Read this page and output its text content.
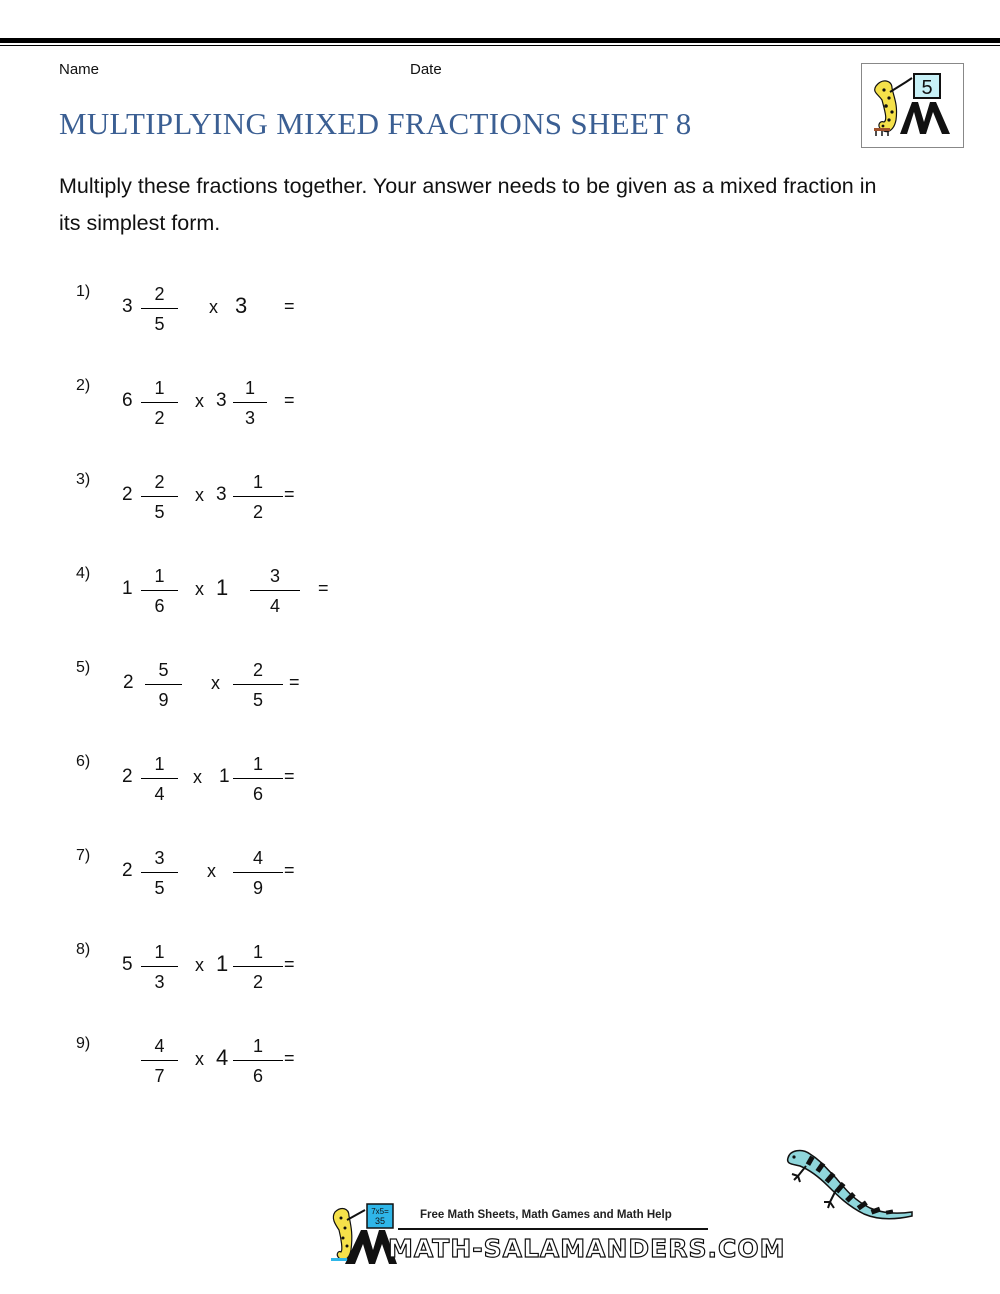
Name	Date
MULTIPLYING MIXED FRACTIONS SHEET 8
5
Multiply these fractions together. Your answer needs to be given as a mixed fraction in its simplest form.
1)
3
2
5
x 3 =
2)
6
1
2
x 3
1
3
=
3)
2
2
5
x 3
1
2
=
4)
1
1
6
x 1	3
4
=
5)
2
5
9
x
2
5
=
6)
2
1
4
x 1
1
6
=
7)
2
3
5
x
4
9
=
8)
5
1
3
x 1	1
2
=
9)	4
7
x 4	1
6
=
7x5=
35	Free Math Sheets, Math Games and Math Help
MATH-SALAMANDERS.COM
